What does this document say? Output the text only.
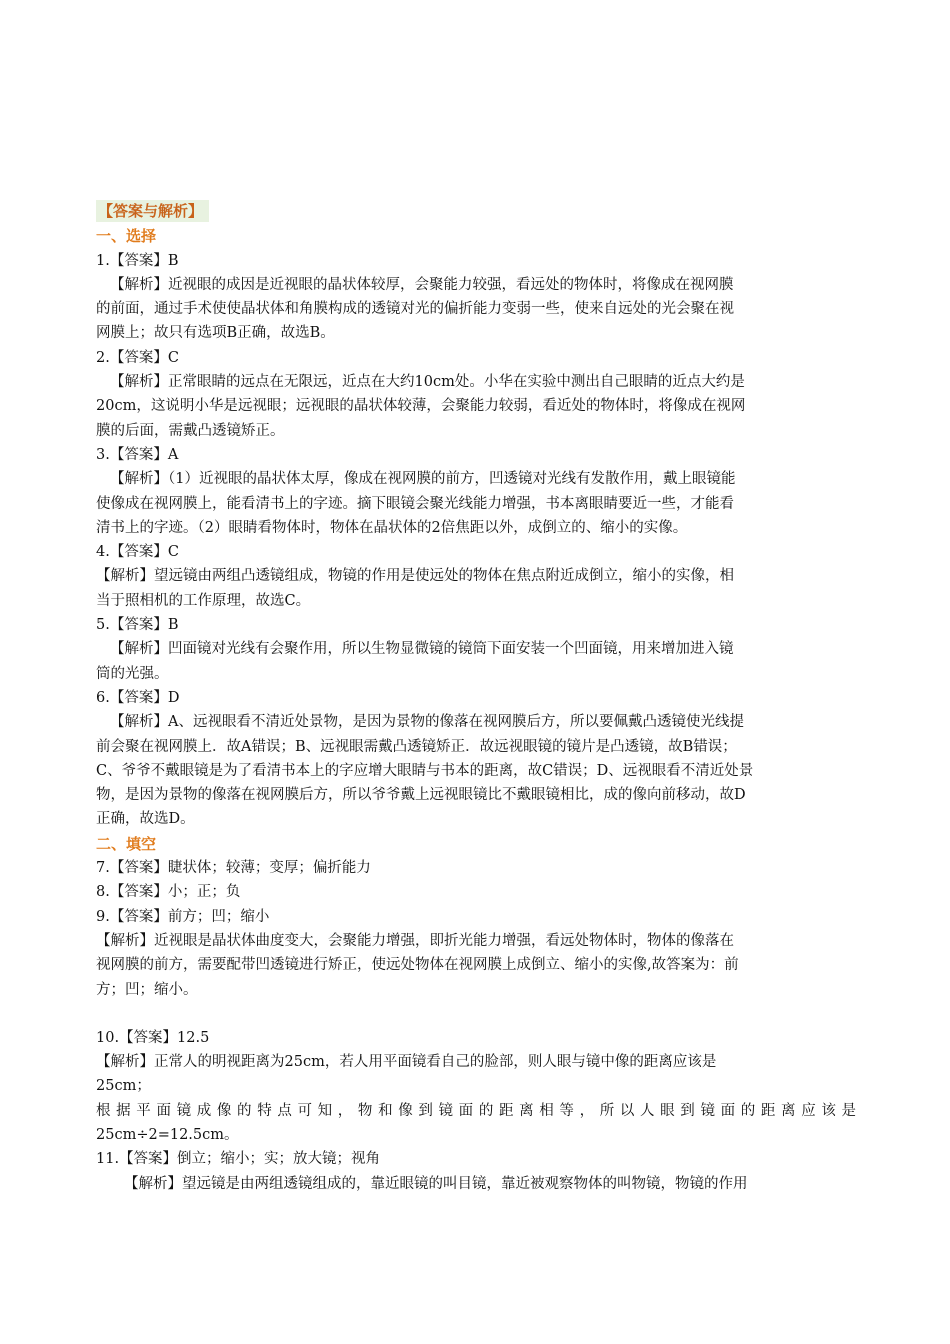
【答案与解析】
一、选择
1.【答案】B
【解析】近视眼的成因是近视眼的晶状体较厚，会聚能力较强，看远处的物体时，将像成在视网膜
的前面，通过手术使使晶状体和角膜构成的透镜对光的偏折能力变弱一些，使来自远处的光会聚在视
网膜上；故只有选项B正确，故选B。
2.【答案】C
【解析】正常眼睛的远点在无限远，近点在大约10cm处。小华在实验中测出自己眼睛的近点大约是
20cm，这说明小华是远视眼；远视眼的晶状体较薄，会聚能力较弱，看近处的物体时，将像成在视网
膜的后面，需戴凸透镜矫正。
3.【答案】A
【解析】（1）近视眼的晶状体太厚，像成在视网膜的前方，凹透镜对光线有发散作用，戴上眼镜能
使像成在视网膜上，能看清书上的字迹。摘下眼镜会聚光线能力增强，书本离眼睛要近一些，才能看
清书上的字迹。（2）眼睛看物体时，物体在晶状体的2倍焦距以外，成倒立的、缩小的实像。
4.【答案】C
【解析】望远镜由两组凸透镜组成，物镜的作用是使远处的物体在焦点附近成倒立，缩小的实像，相
当于照相机的工作原理，故选C。
5.【答案】B
【解析】凹面镜对光线有会聚作用，所以生物显微镜的镜筒下面安装一个凹面镜，用来增加进入镜
筒的光强。
6.【答案】D
【解析】A、远视眼看不清近处景物，是因为景物的像落在视网膜后方，所以要佩戴凸透镜使光线提
前会聚在视网膜上．故A错误；B、远视眼需戴凸透镜矫正．故远视眼镜的镜片是凸透镜，故B错误；
C、爷爷不戴眼镜是为了看清书本上的字应增大眼睛与书本的距离，故C错误；D、远视眼看不清近处景
物，是因为景物的像落在视网膜后方，所以爷爷戴上远视眼镜比不戴眼镜相比，成的像向前移动，故D
正确，故选D。
二、填空
7.【答案】睫状体；较薄；变厚；偏折能力
8.【答案】小；正；负
9.【答案】前方；凹；缩小
【解析】近视眼是晶状体曲度变大，会聚能力增强，即折光能力增强，看远处物体时，物体的像落在
视网膜的前方，需要配带凹透镜进行矫正，使远处物体在视网膜上成倒立、缩小的实像,故答案为：前
方；凹；缩小。
10.【答案】12.5
【解析】正常人的明视距离为25cm，若人用平面镜看自己的脸部，则人眼与镜中像的距离应该是
25cm；
根据平面镜成像的特点可知，物和像到镜面的距离相等，所以人眼到镜面的距离应该是
25cm÷2=12.5cm。
11.【答案】倒立；缩小；实；放大镜；视角
【解析】望远镜是由两组透镜组成的，靠近眼镜的叫目镜，靠近被观察物体的叫物镜，物镜的作用
